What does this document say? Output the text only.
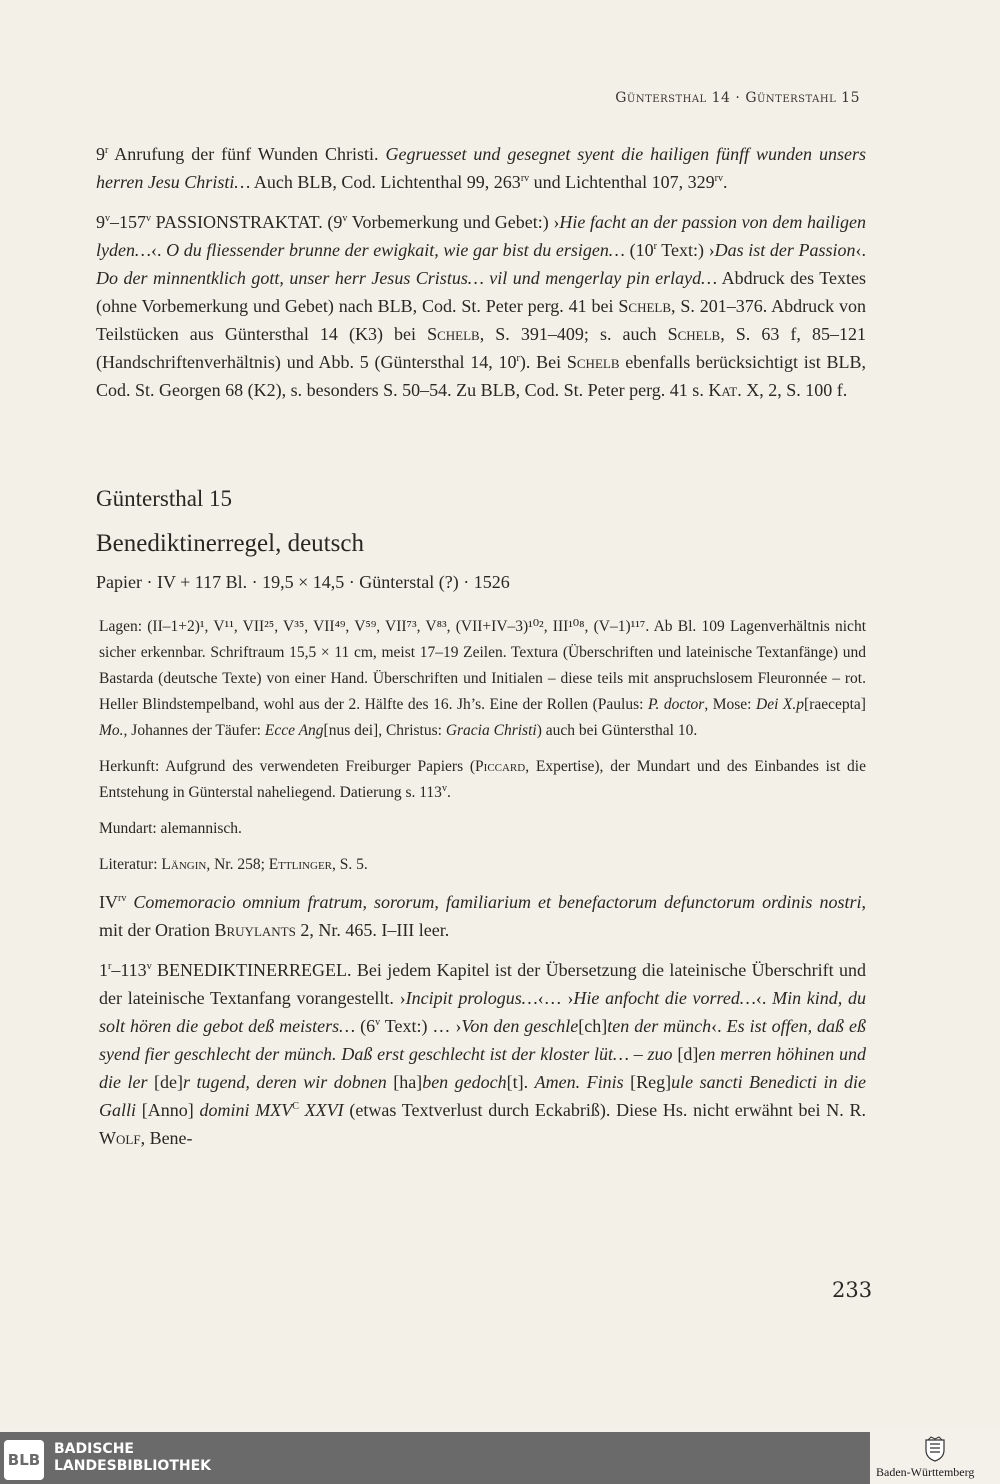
Güntersthal 14 · Günterstahl 15

9$^r$ Anrufung der fünf Wunden Christi. Gegruesset und gesegnet syent die hailigen fünff wunden unsers herren Jesu Christi… Auch BLB, Cod. Lichtenthal 99, $263^{rv}$ und Lichtenthal 107, $329^{rv}$.

9$^v$–157$^v$ PASSIONSTRAKTAT. (9$^v$ Vorbemerkung und Gebet:) ›Hie facht an der passion von dem hailigen lyden…‹. O du fliessender brunne der ewigkait, wie gar bist du ersigen… (10$^r$ Text:) ›Das ist der Passion‹. Do der minnentklich gott, unser herr Jesus Cristus… vil und mengerlay pin erlayd… Abdruck des Textes (ohne Vorbemerkung und Gebet) nach BLB, Cod. St. Peter perg. 41 bei Schelb, S. 201–376. Abdruck von Teilstücken aus Güntersthal 14 (K3) bei Schelb, S. 391–409; s. auch Schelb, S. 63 f, 85–121 (Handschriftenverhältnis) und Abb. 5 (Güntersthal 14, 10$^r$). Bei Schelb ebenfalls berücksichtigt ist BLB, Cod. St. Georgen 68 (K2), s. besonders S. 50–54. Zu BLB, Cod. St. Peter perg. 41 s. Kat. X, 2, S. 100 f.

Güntersthal 15
Benediktinerregel, deutsch

Papier · IV + 117 Bl. · 19,5 × 14,5 · Günterstal (?) · 1526

Lagen: (II–1+2)¹, V¹¹, VII²⁵, V³⁵, VII⁴⁹, V⁵⁹, VII⁷³, V⁸³, (VII+IV–3)¹⁰², III¹⁰⁸, (V–1)¹¹⁷. Ab Bl. 109 Lagenverhältnis nicht sicher erkennbar. Schriftraum 15,5 × 11 cm, meist 17–19 Zeilen. Textura (Überschriften und lateinische Textanfänge) und Bastarda (deutsche Texte) von einer Hand. Überschriften und Initialen – diese teils mit anspruchslosem Fleuronnée – rot. Heller Blindstempelband, wohl aus der 2. Hälfte des 16. Jh’s. Eine der Rollen (Paulus: P. doctor, Mose: Dei X.p[raecepta] Mo., Johannes der Täufer: Ecce Ang[nus dei], Christus: Gracia Christi) auch bei Güntersthal 10.

Herkunft: Aufgrund des verwendeten Freiburger Papiers (Piccard, Expertise), der Mundart und des Einbandes ist die Entstehung in Günterstal naheliegend. Datierung s. 113$^v$.

Mundart: alemannisch.

Literatur: Längin, Nr. 258; Ettlinger, S. 5.

$IV^{rv}$ Comemoracio omnium fratrum, sororum, familiarium et benefactorum defunctorum ordinis nostri, mit der Oration Bruylants 2, Nr. 465. I–III leer.

1$^r$–113$^v$ BENEDIKTINERREGEL. Bei jedem Kapitel ist der Übersetzung die lateinische Überschrift und der lateinische Textanfang vorangestellt. ›Incipit prologus…‹… ›Hie anfocht die vorred…‹. Min kind, du solt hören die gebot deß meisters… (6$^v$ Text:) … ›Von den geschle[ch]ten der münch‹. Es ist offen, daß eß syend fier geschlecht der münch. Daß erst geschlecht ist der kloster lüt… – zuo [d]en merren höhinen und die ler [de]r tugend, deren wir dobnen [ha]ben gedoch[t]. Amen. Finis [Reg]ule sancti Benedicti in die Galli [Anno] domini $MXV^C$ XXVI (etwas Textverlust durch Eckabriß). Diese Hs. nicht erwähnt bei N. R. Wolf, Bene-

233
BLB
BADISCHE
LANDESBIBLIOTHEK	Baden-Württemberg
